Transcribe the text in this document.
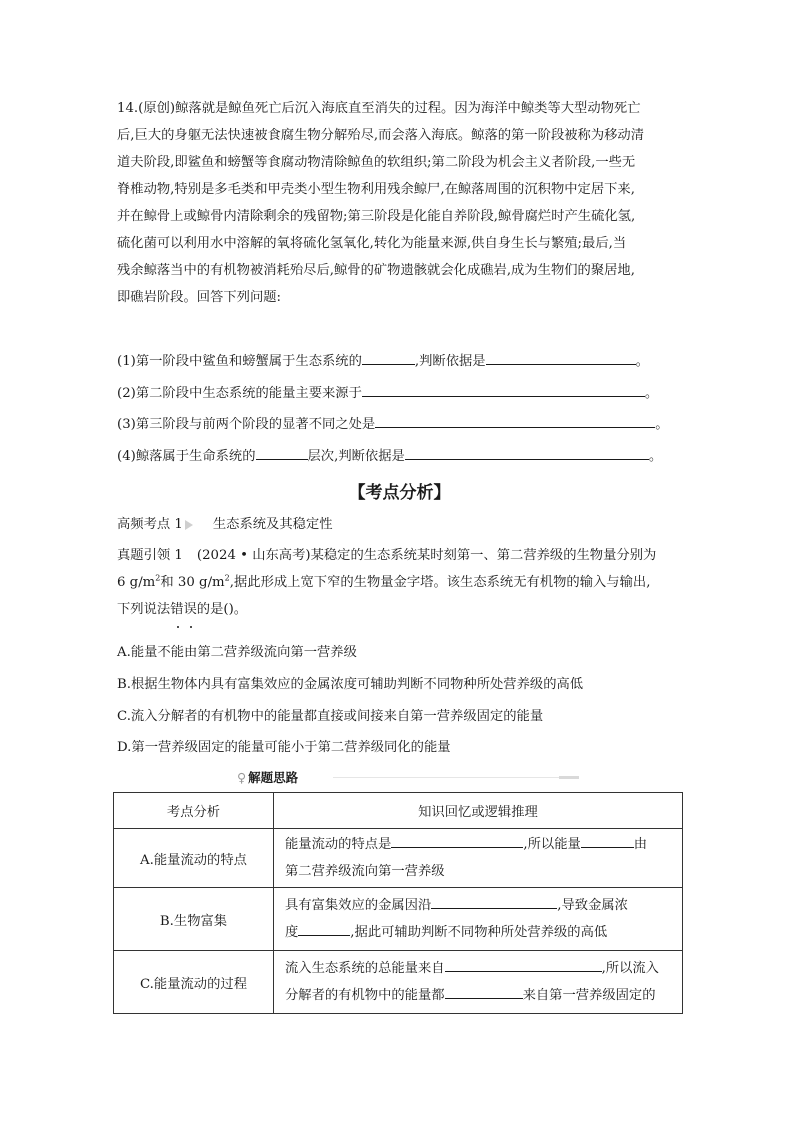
14.(原创)鲸落就是鲸鱼死亡后沉入海底直至消失的过程。因为海洋中鲸类等大型动物死亡
后,巨大的身躯无法快速被食腐生物分解殆尽,而会落入海底。鲸落的第一阶段被称为移动清
道夫阶段,即鲨鱼和螃蟹等食腐动物清除鲸鱼的软组织;第二阶段为机会主义者阶段,一些无
脊椎动物,特别是多毛类和甲壳类小型生物利用残余鲸尸,在鲸落周围的沉积物中定居下来,
并在鲸骨上或鲸骨内清除剩余的残留物;第三阶段是化能自养阶段,鲸骨腐烂时产生硫化氢,
硫化菌可以利用水中溶解的氧将硫化氢氧化,转化为能量来源,供自身生长与繁殖;最后,当
残余鲸落当中的有机物被消耗殆尽后,鲸骨的矿物遗骸就会化成礁岩,成为生物们的聚居地,
即礁岩阶段。回答下列问题:
(1)第一阶段中鲨鱼和螃蟹属于生态系统的	,判断依据是	。
(2)第二阶段中生态系统的能量主要来源于	。
(3)第三阶段与前两个阶段的显著不同之处是	。
(4)鲸落属于生命系统的	层次,判断依据是	。
【考点分析】
高频考点 1 生态系统及其稳定性
真题引领 1 (2024 • 山东高考)某稳定的生态系统某时刻第一、第二营养级的生物量分别为
6 $g/m^2$和 30 $g/m^2$,据此形成上宽下窄的生物量金字塔。该生态系统无有机物的输入与输出,
下列说法错误的是()。
A.能量不能由第二营养级流向第一营养级
B.根据生物体内具有富集效应的金属浓度可辅助判断不同物种所处营养级的高低
C.流入分解者的有机物中的能量都直接或间接来自第一营养级固定的能量
D.第一营养级固定的能量可能小于第二营养级同化的能量
♀ 解题思路
考点分析	知识回忆或逻辑推理
A.能量流动的特点	能量流动的特点是 ,所以能量 由
第二营养级流向第一营养级

B.生物富集	具有富集效应的金属因沿 ,导致金属浓
度 ,据此可辅助判断不同物种所处营养级的高低

C.能量流动的过程	流入生态系统的总能量来自 ,所以流入
分解者的有机物中的能量都 来自第一营养级固定的
